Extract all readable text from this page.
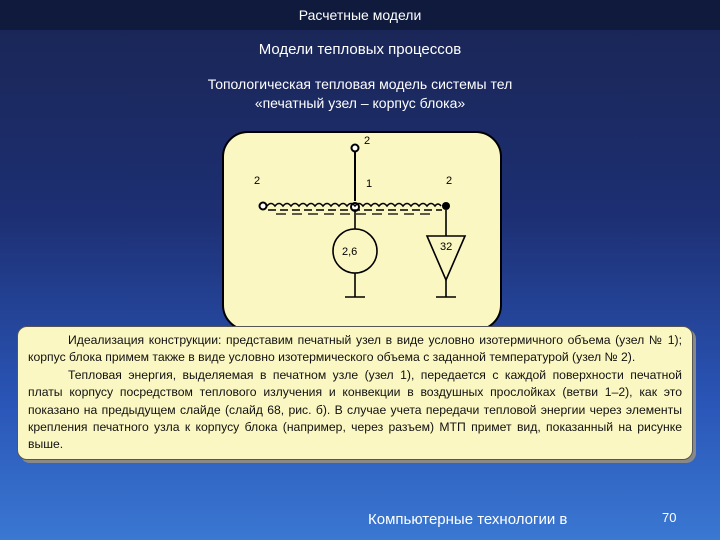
Расчетные модели
Модели тепловых процессов
Топологическая тепловая модель системы тел
«печатный узел – корпус блока»
2
2	1	2
2,6	32

Идеализация конструкции: представим печатный узел в виде условно изотермичного объема (узел № 1); корпус блока примем также в виде условно изотермического объема с заданной температурой (узел № 2).

Тепловая энергия, выделяемая в печатном узле (узел 1), передается с каждой поверхности печатной платы корпусу посредством теплового излучения и конвекции в воздушных прослойках (ветви 1–2), как это показано на предыдущем слайде (слайд 68, рис. б). В случае учета передачи тепловой энергии через элементы крепления печатного узла к корпусу блока (например, через разъем) МТП примет вид, показанный на рисунке выше.

Компьютерные технологии в	70
